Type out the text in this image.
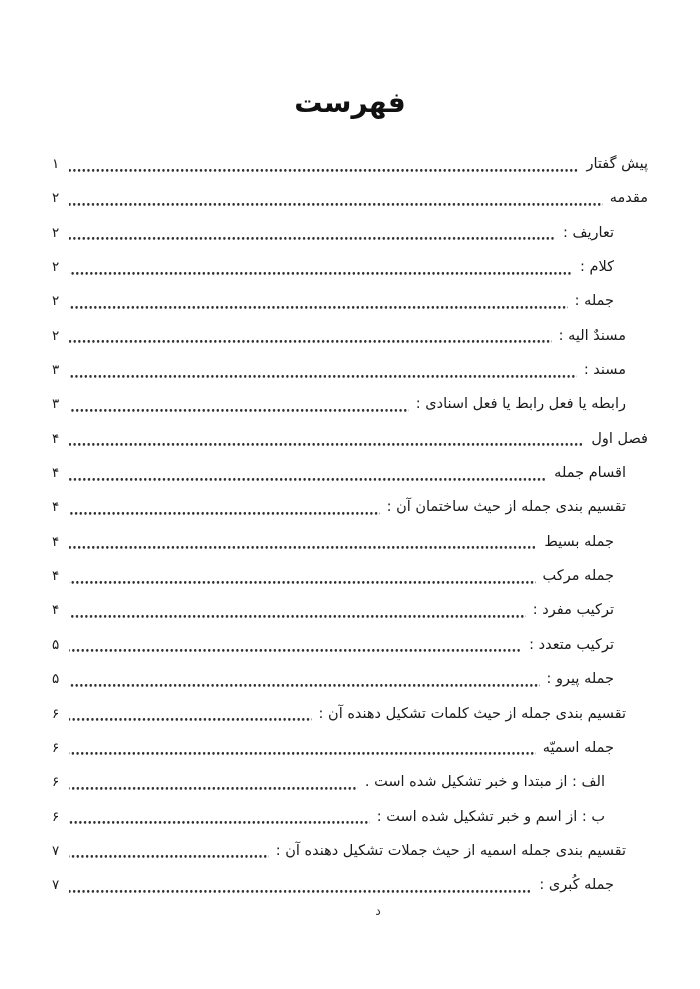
فهرست
پیش گفتار
۱
مقدمه
۲
تعاریف :
۲
کلام :
۲
جمله :
۲
مسندٌ الیه :
۲
مسند :
۳
رابطه یا فعل رابط یا فعل اسنادی :
۳
فصل اول
۴
اقسام جمله
۴
تقسیم بندی جمله از حیث ساختمان آن :
۴
جمله بسیط
۴
جمله مرکب
۴
ترکیب مفرد :
۴
ترکیب متعدد :
۵
جمله پیرو :
۵
تقسیم بندی جمله از حیث کلمات تشکیل دهنده آن :
۶
جمله اسمیّه
۶
الف : از مبتدا و خبر تشکیل شده است .
۶
ب : از اسم و خبر تشکیل شده است :
۶
تقسیم بندی جمله اسمیه از حیث جملات تشکیل دهنده آن :
۷
جمله کُبری :
۷
د
